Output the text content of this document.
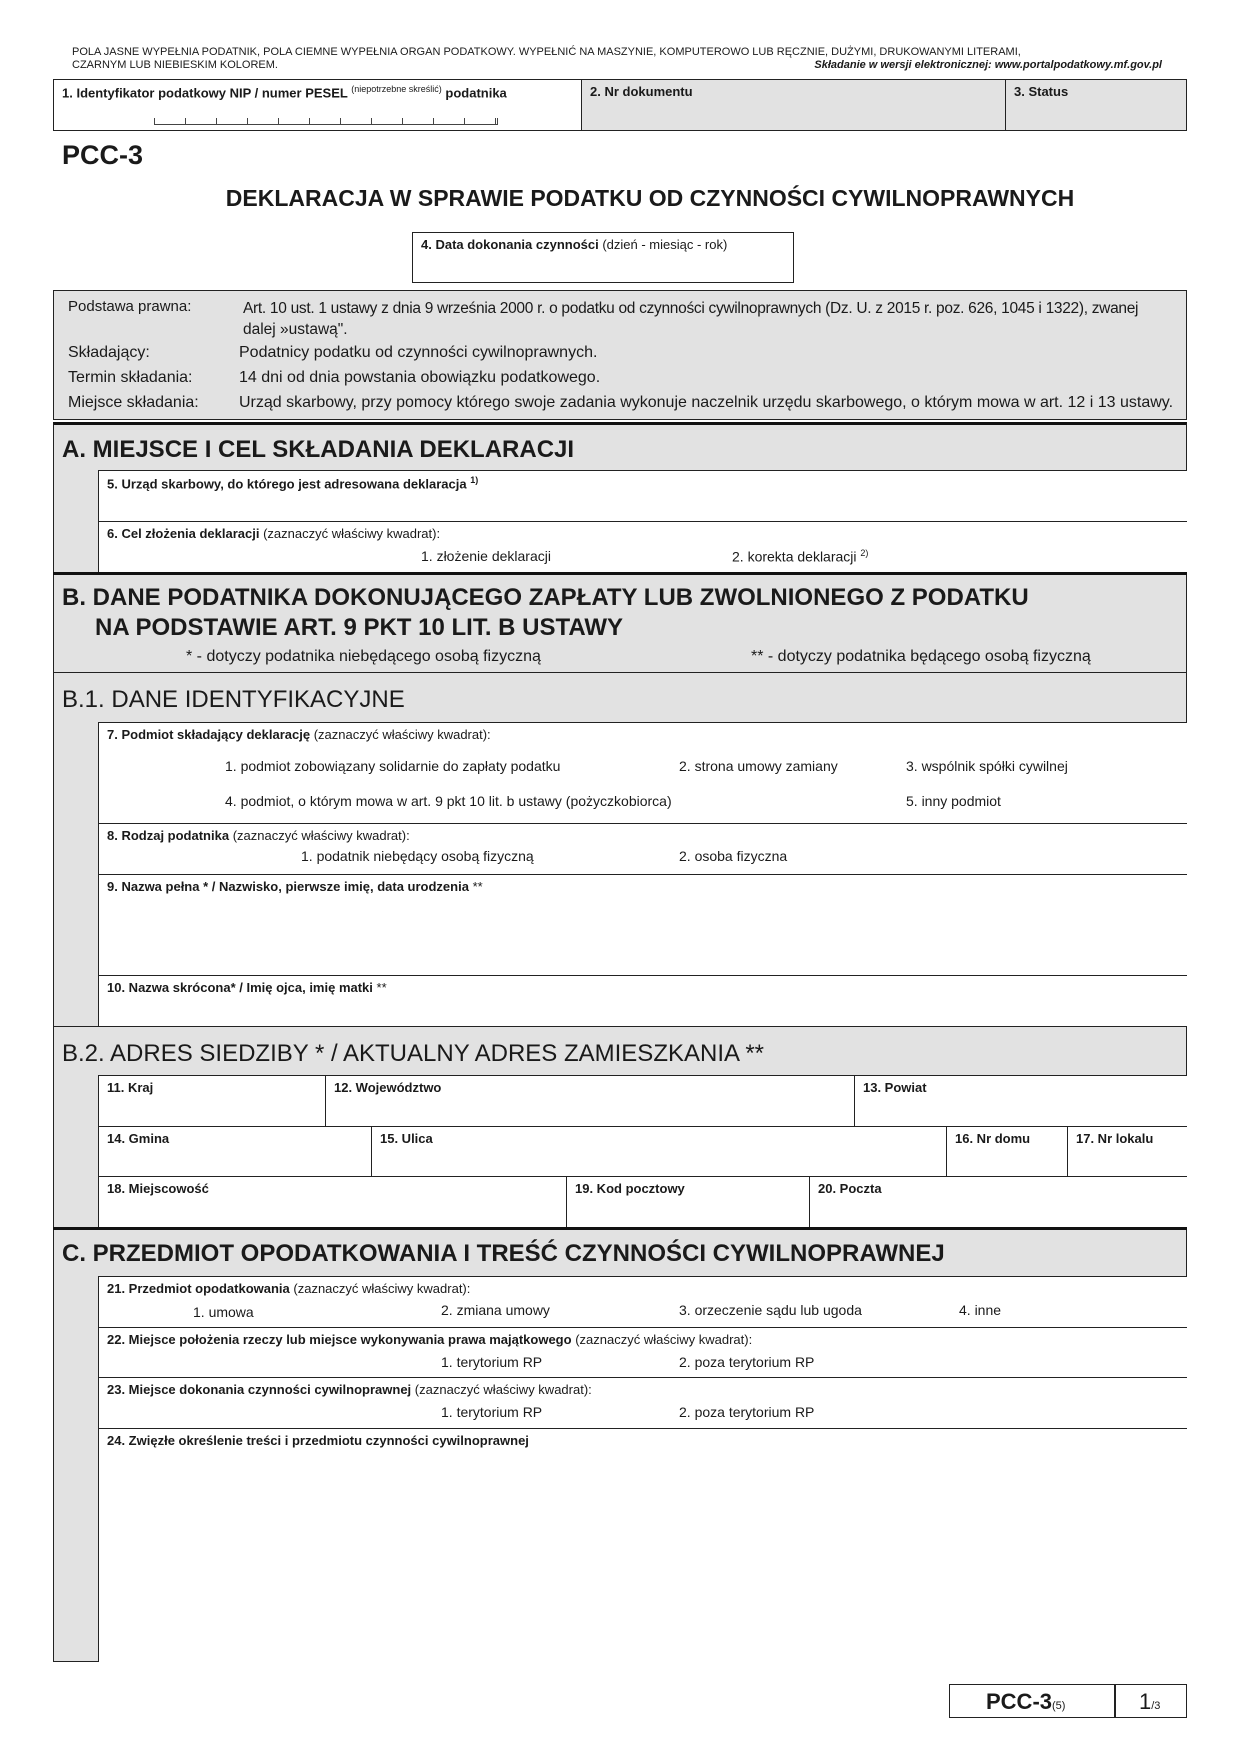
POLA JASNE WYPEŁNIA PODATNIK, POLA CIEMNE WYPEŁNIA ORGAN PODATKOWY. WYPEŁNIĆ NA MASZYNIE, KOMPUTEROWO LUB RĘCZNIE, DUŻYMI, DRUKOWANYMI LITERAMI,
CZARNYM LUB NIEBIESKIM KOLOREM.	Składanie w wersji elektronicznej: www.portalpodatkowy.mf.gov.pl
1. Identyfikator podatkowy NIP / numer PESEL $^{(niepotrzebne skreślić)}$ podatnika	2. Nr dokumentu	3. Status
PCC-3
DEKLARACJA W SPRAWIE PODATKU OD CZYNNOŚCI CYWILNOPRAWNYCH
4. Data dokonania czynności (dzień - miesiąc - rok)
Podstawa prawna:	Art. 10 ust. 1 ustawy z dnia 9 września 2000 r. o podatku od czynności cywilnoprawnych (Dz. U. z 2015 r. poz. 626, 1045 i 1322), zwanej
dalej »ustawą".
Składający:	Podatnicy podatku od czynności cywilnoprawnych.
Termin składania:	14 dni od dnia powstania obowiązku podatkowego.
Miejsce składania:	Urząd skarbowy, przy pomocy którego swoje zadania wykonuje naczelnik urzędu skarbowego, o którym mowa w art. 12 i 13 ustawy.
A. MIEJSCE I CEL SKŁADANIA DEKLARACJI
5. Urząd skarbowy, do którego jest adresowana deklaracja $^{1)}$
6. Cel złożenia deklaracji (zaznaczyć właściwy kwadrat):
1. złożenie deklaracji	2. korekta deklaracji $^{2)}$
B. DANE PODATNIKA DOKONUJĄCEGO ZAPŁATY LUB ZWOLNIONEGO Z PODATKU
NA PODSTAWIE ART. 9 PKT 10 LIT. B USTAWY
* - dotyczy podatnika niebędącego osobą fizyczną	** - dotyczy podatnika będącego osobą fizyczną
B.1. DANE IDENTYFIKACYJNE
7. Podmiot składający deklarację (zaznaczyć właściwy kwadrat):
1. podmiot zobowiązany solidarnie do zapłaty podatku	2. strona umowy zamiany	3. wspólnik spółki cywilnej
4. podmiot, o którym mowa w art. 9 pkt 10 lit. b ustawy (pożyczkobiorca)	5. inny podmiot
8. Rodzaj podatnika (zaznaczyć właściwy kwadrat):
1. podatnik niebędący osobą fizyczną	2. osoba fizyczna
9. Nazwa pełna * / Nazwisko, pierwsze imię, data urodzenia **
10. Nazwa skrócona* / Imię ojca, imię matki **
B.2. ADRES SIEDZIBY * / AKTUALNY ADRES ZAMIESZKANIA **
11. Kraj	12. Województwo	13. Powiat
14. Gmina	15. Ulica	16. Nr domu	17. Nr lokalu
18. Miejscowość	19. Kod pocztowy	20. Poczta
C. PRZEDMIOT OPODATKOWANIA I TREŚĆ CZYNNOŚCI CYWILNOPRAWNEJ
21. Przedmiot opodatkowania (zaznaczyć właściwy kwadrat):
1. umowa	2. zmiana umowy	3. orzeczenie sądu lub ugoda	4. inne
22. Miejsce położenia rzeczy lub miejsce wykonywania prawa majątkowego (zaznaczyć właściwy kwadrat):
1. terytorium RP	2. poza terytorium RP
23. Miejsce dokonania czynności cywilnoprawnej (zaznaczyć właściwy kwadrat):
1. terytorium RP	2. poza terytorium RP
24. Zwięzłe określenie treści i przedmiotu czynności cywilnoprawnej
PCC-3(5)	1/3
